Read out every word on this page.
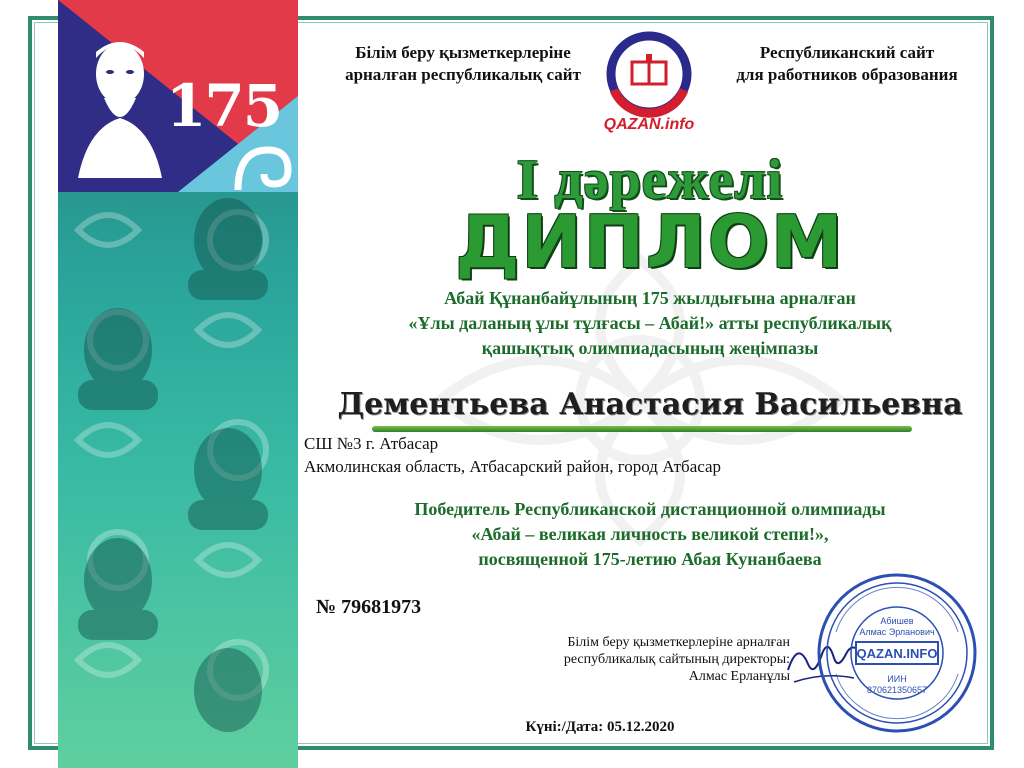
175
Білім беру қызметкерлеріне
арналған республикалық сайт
Республиканский сайт
для работников образования
QAZAN.info
I дәрежелі
ДИПЛОМ
Абай Құнанбайұлының 175 жылдығына арналған
«Ұлы даланың ұлы тұлғасы – Абай!» атты республикалық
қашықтық олимпиадасының жеңімпазы
Дементьева Анастасия Васильевна
СШ №3 г. Атбасар
Акмолинская область, Атбасарский район, город Атбасар
Победитель Республиканской дистанционной олимпиады
«Абай – великая личность великой степи!»,
посвященной 175-летию Абая Кунанбаева
№ 79681973
Білім беру қызметкерлеріне арналған
республикалық сайтының директоры:
Алмас Ерланұлы
QAZAN.INFO
Абишев
Алмас Эрланович
ИИН
870621350657
Күні:/Дата: 05.12.2020
